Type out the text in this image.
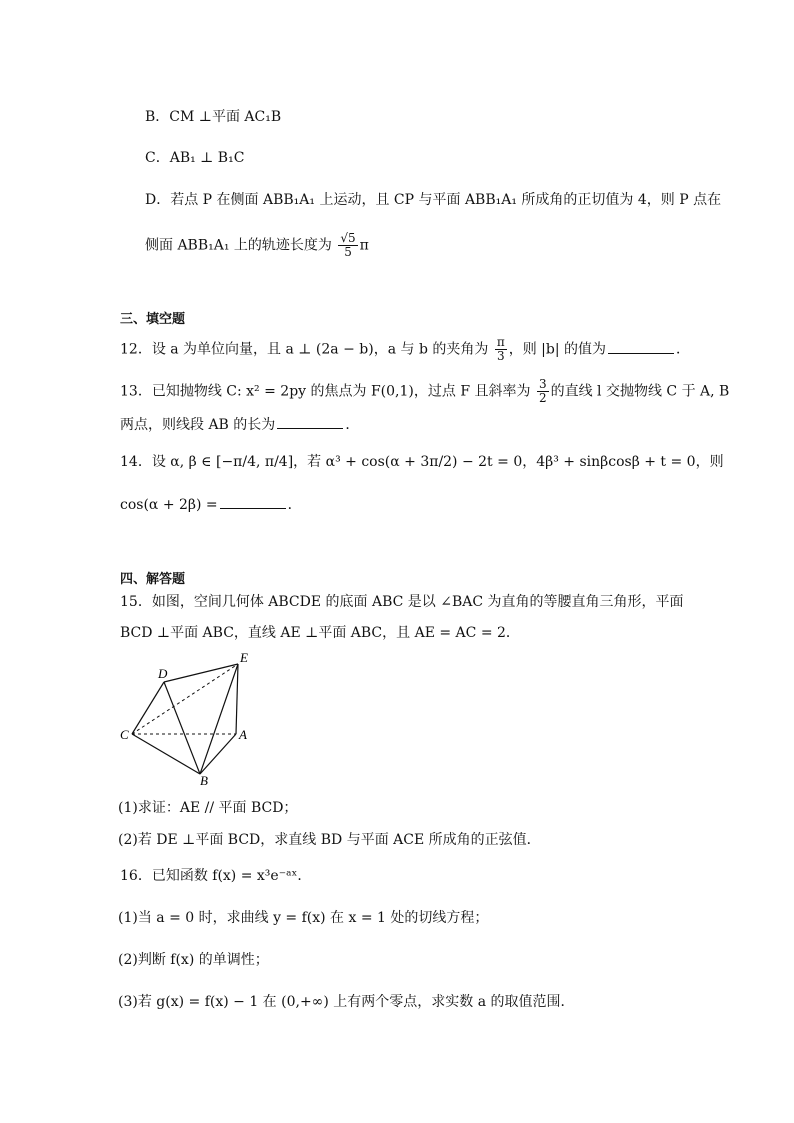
B．CM ⊥平面 AC₁B
C．AB₁ ⊥ B₁C
D．若点 P 在侧面 ABB₁A₁ 上运动，且 CP 与平面 ABB₁A₁ 所成角的正切值为 4，则 P 点在
侧面 ABB₁A₁ 上的轨迹长度为 $\frac{√5}{5}$ π
三、填空题
12．设 a 为单位向量，且 a ⊥ (2a − b)，a 与 b 的夹角为 $\frac{\pi}{3}$ ，则 |b| 的值为	．
13．已知抛物线 C: x² = 2py 的焦点为 F(0,1)，过点 F 且斜率为 $\frac{3}{2}$ 的直线 l 交抛物线 C 于 A, B
两点，则线段 AB 的长为	．
14．设 α, β ∈ [−π/4, π/4]，若 α³ + cos(α + 3π/2) − 2t = 0，4β³ + sinβcosβ + t = 0，则
cos(α + 2β) =	．
四、解答题
15．如图，空间几何体 ABCDE 的底面 ABC 是以 ∠BAC 为直角的等腰直角三角形，平面
BCD ⊥平面 ABC，直线 AE ⊥平面 ABC，且 AE = AC = 2．
D
E
C	A
B
(1)求证：AE // 平面 BCD；
(2)若 DE ⊥平面 BCD，求直线 BD 与平面 ACE 所成角的正弦值．
16．已知函数 f(x) = x³e⁻ᵃˣ．
(1)当 a = 0 时，求曲线 y = f(x) 在 x = 1 处的切线方程；
(2)判断 f(x) 的单调性；
(3)若 g(x) = f(x) − 1 在 (0,+∞) 上有两个零点，求实数 a 的取值范围．
